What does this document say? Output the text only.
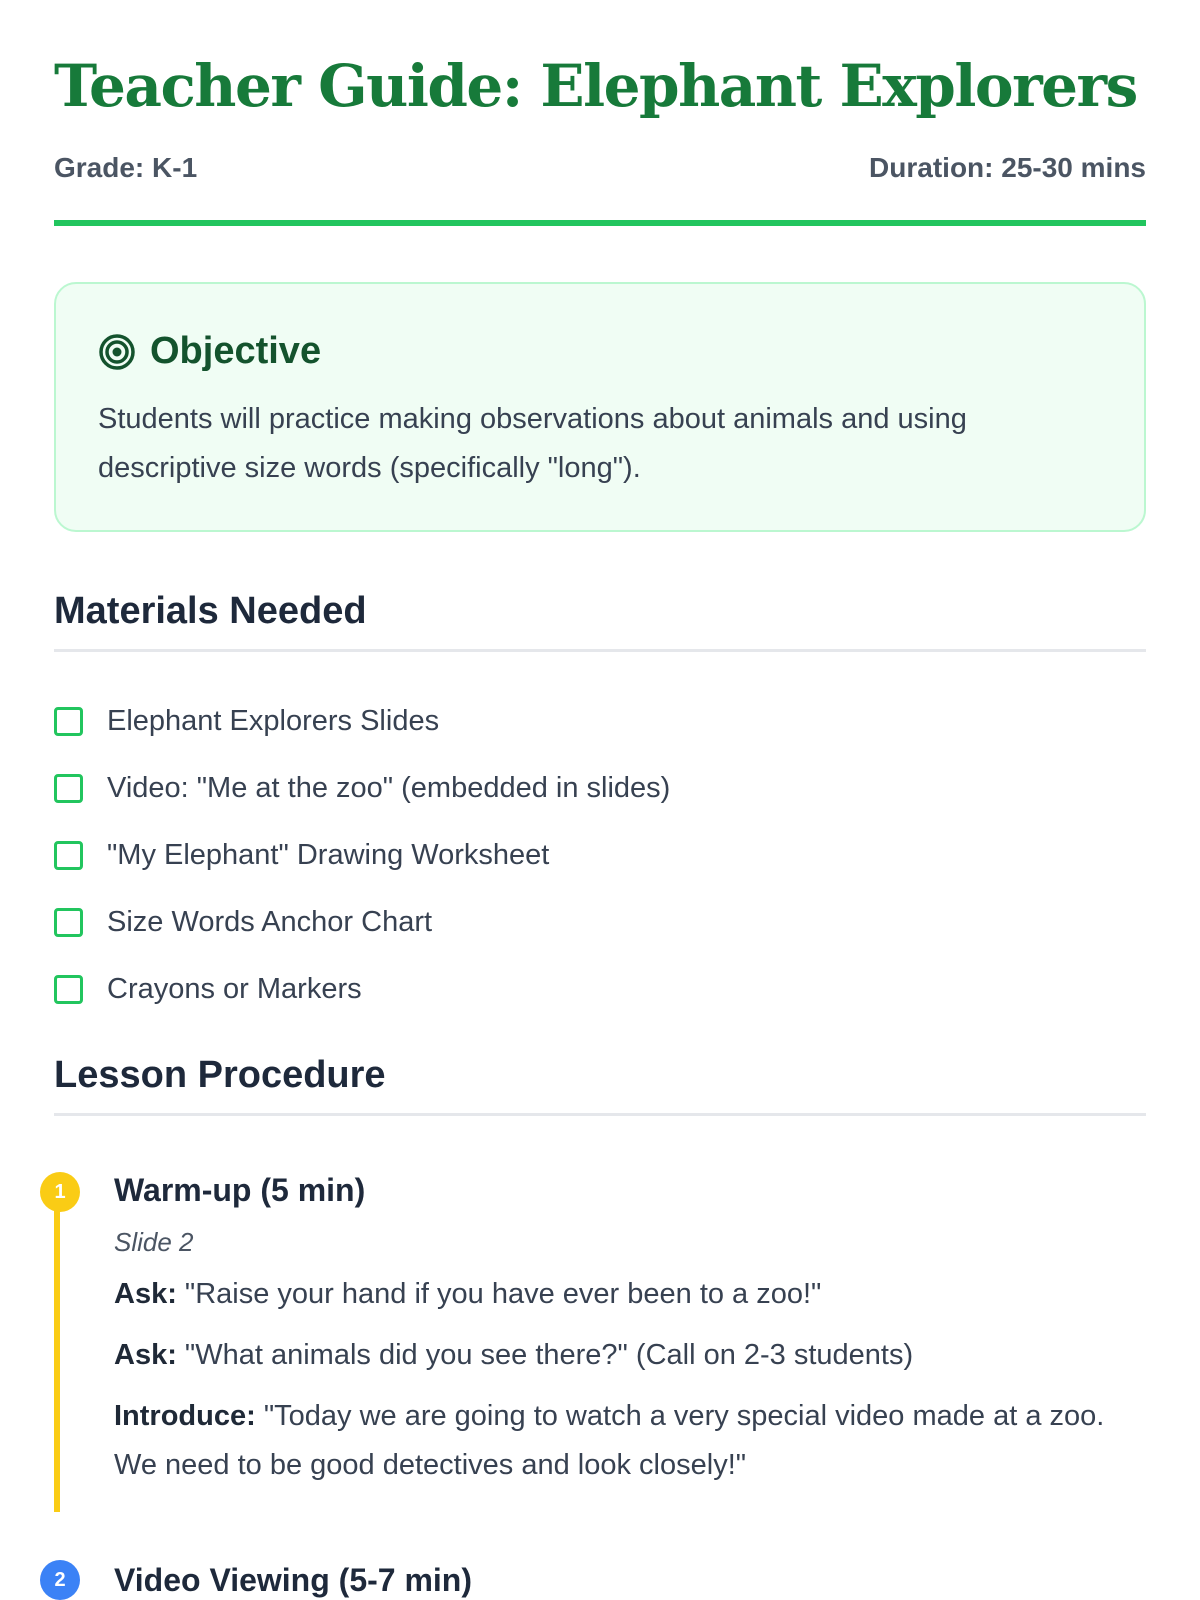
Teacher Guide: Elephant Explorers
Grade: K-1	Duration: 25-30 mins
Objective

Students will practice making observations about animals and using descriptive size words (specifically "long").

Materials Needed
Elephant Explorers Slides
Video: "Me at the zoo" (embedded in slides)
"My Elephant" Drawing Worksheet
Size Words Anchor Chart
Crayons or Markers
Lesson Procedure
1	Warm-up (5 min)

Slide 2

Ask: "Raise your hand if you have ever been to a zoo!"

Ask: "What animals did you see there?" (Call on 2-3 students)

Introduce: "Today we are going to watch a very special video made at a zoo. We need to be good detectives and look closely!"

2	Video Viewing (5-7 min)
